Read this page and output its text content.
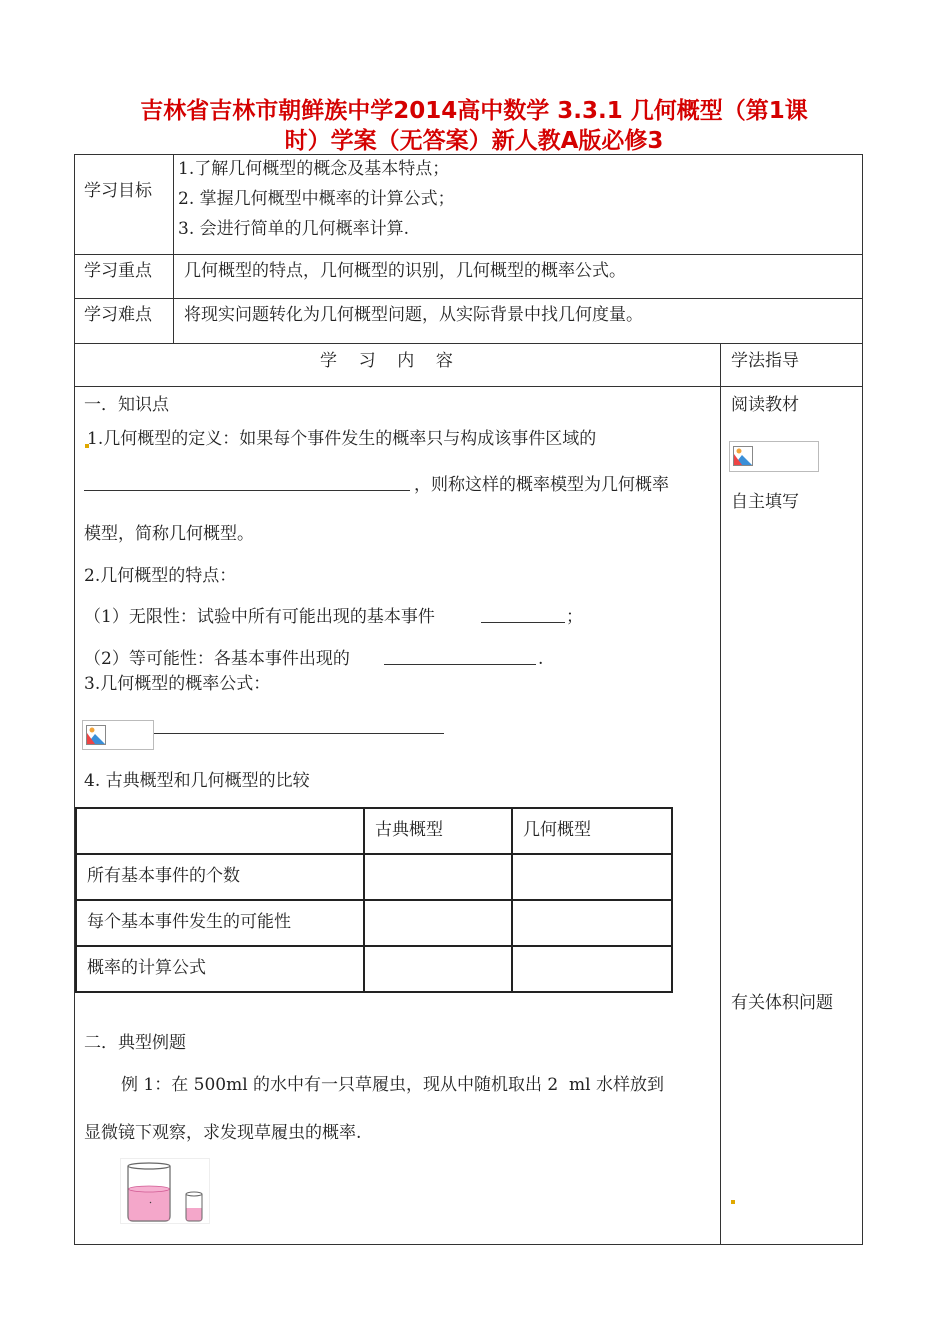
吉林省吉林市朝鲜族中学2014高中数学 3.3.1 几何概型（第1课
时）学案（无答案）新人教A版必修3
学习目标
1.了解几何概型的概念及基本特点；
2. 掌握几何概型中概率的计算公式；
3. 会进行简单的几何概率计算.
学习重点 几何概型的特点，几何概型的识别，几何概型的概率公式。
学习难点 将现实问题转化为几何概型问题，从实际背景中找几何度量。
学    习    内    容	学法指导
阅读教材
自主填写
有关体积问题
一．知识点
1.几何概型的定义：如果每个事件发生的概率只与构成该事件区域的
，则称这样的概率模型为几何概率
模型，简称几何概型。
2.几何概型的特点：
（1）无限性：试验中所有可能出现的基本事件	；
（2）等可能性：各基本事件出现的	.
3.几何概型的概率公式：
4. 古典概型和几何概型的比较
	古典概型	几何概型
所有基本事件的个数		
每个基本事件发生的可能性		
概率的计算公式		
二．典型例题
例 1：在 500ml 的水中有一只草履虫，现从中随机取出 2  ml 水样放到
显微镜下观察，求发现草履虫的概率.
